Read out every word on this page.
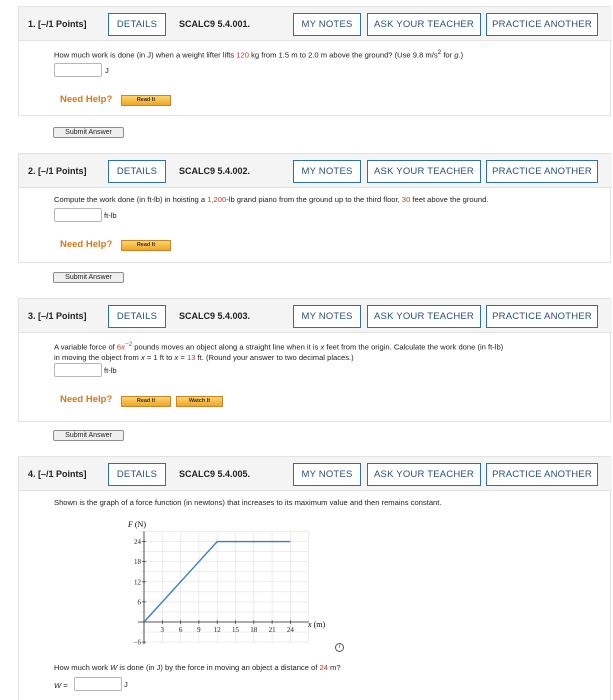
1. [–/1 Points]	DETAILS	SCALC9 5.4.001.	MY NOTES	ASK YOUR TEACHER	PRACTICE ANOTHER
How much work is done (in J) when a weight lifter lifts 120 kg from 1.5 m to 2.0 m above the ground? (Use 9.8 $m/s^2$ for g.)
J
Need Help?	Read It
Submit Answer
2. [–/1 Points]	DETAILS	SCALC9 5.4.002.	MY NOTES	ASK YOUR TEACHER	PRACTICE ANOTHER
Compute the work done (in ft-lb) in hoisting a 1,200-lb grand piano from the ground up to the third floor, 30 feet above the ground.
ft-lb
Need Help?	Read It
Submit Answer
3. [–/1 Points]	DETAILS	SCALC9 5.4.003.	MY NOTES	ASK YOUR TEACHER	PRACTICE ANOTHER
A variable force of $6x^{-2}$ pounds moves an object along a straight line when it is x feet from the origin. Calculate the work done (in ft-lb)
in moving the object from x = 1 ft to x = 13 ft. (Round your answer to two decimal places.)
ft-lb
Need Help?	Read It	Watch It
Submit Answer
4. [–/1 Points]	DETAILS	SCALC9 5.4.005.	MY NOTES	ASK YOUR TEACHER	PRACTICE ANOTHER
Shown is the graph of a force function (in newtons) that increases to its maximum value and then remains constant.
3 6 9 12 15 18 21 24
−6
6
12
18
24
F (N)
x (m)
i
How much work W is done (in J) by the force in moving an object a distance of 24 m?
W =	J
